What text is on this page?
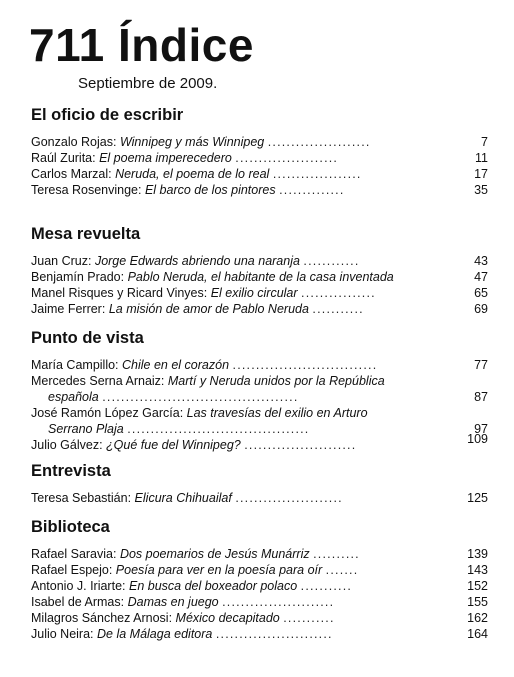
711 Índice
Septiembre de 2009.
El oficio de escribir
Gonzalo Rojas: Winnipeg y más Winnipeg ......................	7
Raúl Zurita: El poema imperecedero ......................	11
Carlos Marzal: Neruda, el poema de lo real ...................	17
Teresa Rosenvinge: El barco de los pintores ..............	35
Mesa revuelta
Juan Cruz: Jorge Edwards abriendo una naranja ............	43
Benjamín Prado: Pablo Neruda, el habitante de la casa inventada	47
Manel Risques y Ricard Vinyes: El exilio circular ................	65
Jaime Ferrer: La misión de amor de Pablo Neruda ...........	69
Punto de vista
María Campillo: Chile en el corazón ...............................	77
Mercedes Serna Arnaiz: Martí y Neruda unidos por la República
española ..........................................	87
José Ramón López García: Las travesías del exilio en Arturo
Serrano Plaja .......................................	97
Julio Gálvez: ¿Qué fue del Winnipeg? ........................	109
Entrevista
Teresa Sebastián: Elicura Chihuailaf .......................	125
Biblioteca
Rafael Saravia: Dos poemarios de Jesús Munárriz ..........	139
Rafael Espejo: Poesía para ver en la poesía para oír .......	143
Antonio J. Iriarte: En busca del boxeador polaco ...........	152
Isabel de Armas: Damas en juego ........................	155
Milagros Sánchez Arnosi: México decapitado ...........	162
Julio Neira: De la Málaga editora .........................	164
